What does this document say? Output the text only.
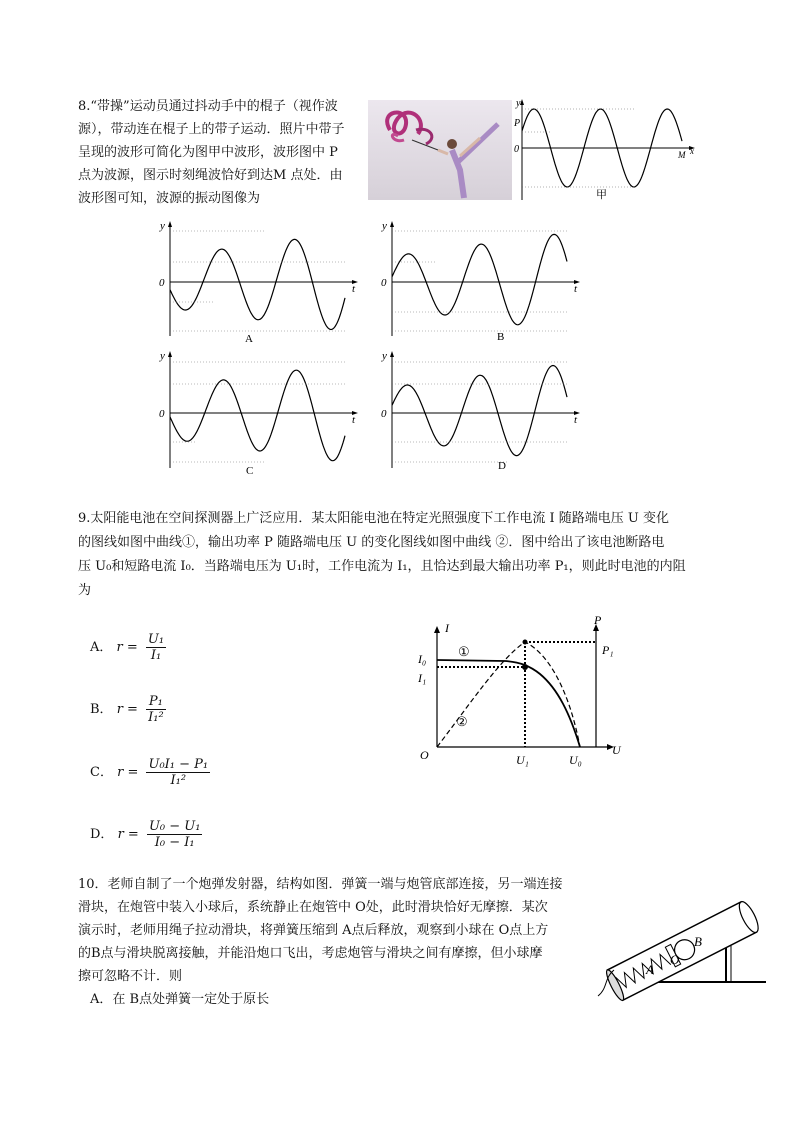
8.“带操”运动员通过抖动手中的棍子（视作波
源），带动连在棍子上的带子运动．照片中带子
呈现的波形可简化为图甲中波形，波形图中 P
点为波源，图示时刻绳波恰好到达M 点处．由
波形图可知，波源的振动图像为
y
P
0	M x
甲
y
0	t
A
y
0	t
B
y
0	t
C
y
0	t
D
9.太阳能电池在空间探测器上广泛应用．某太阳能电池在特定光照强度下工作电流 I 随路端电压 U 变化
的图线如图中曲线①，输出功率 P 随路端电压 U 的变化图线如图中曲线 ②．图中给出了该电池断路电
压 U₀和短路电流 I₀．当路端电压为 U₁时，工作电流为 I₁，且恰达到最大输出功率 P₁，则此时电池的内阻
为
A． $r = \frac{\text{U₁}}{\text{I₁}}$
B． $r = \frac{\text{P₁}}{\text{I₁²}}$
C． $r = \frac{\text{U₀I₁ − P₁}}{\text{I₁²}}$
D． $r = \frac{\text{U₀ − U₁}}{\text{I₀ − I₁}}$
I
P
U
O
I₀
I₁
P₁
U₁	U₀
①
②
10．老师自制了一个炮弹发射器，结构如图．弹簧一端与炮管底部连接，另一端连接
滑块，在炮管中装入小球后，系统静止在炮管中 O处，此时滑块恰好无摩擦．某次
演示时，老师用绳子拉动滑块，将弹簧压缩到 A点后释放，观察到小球在 O点上方
的B点与滑块脱离接触，并能沿炮口飞出，考虑炮管与滑块之间有摩擦，但小球摩
擦可忽略不计．则
A．在 B点处弹簧一定处于原长
A
O
B
